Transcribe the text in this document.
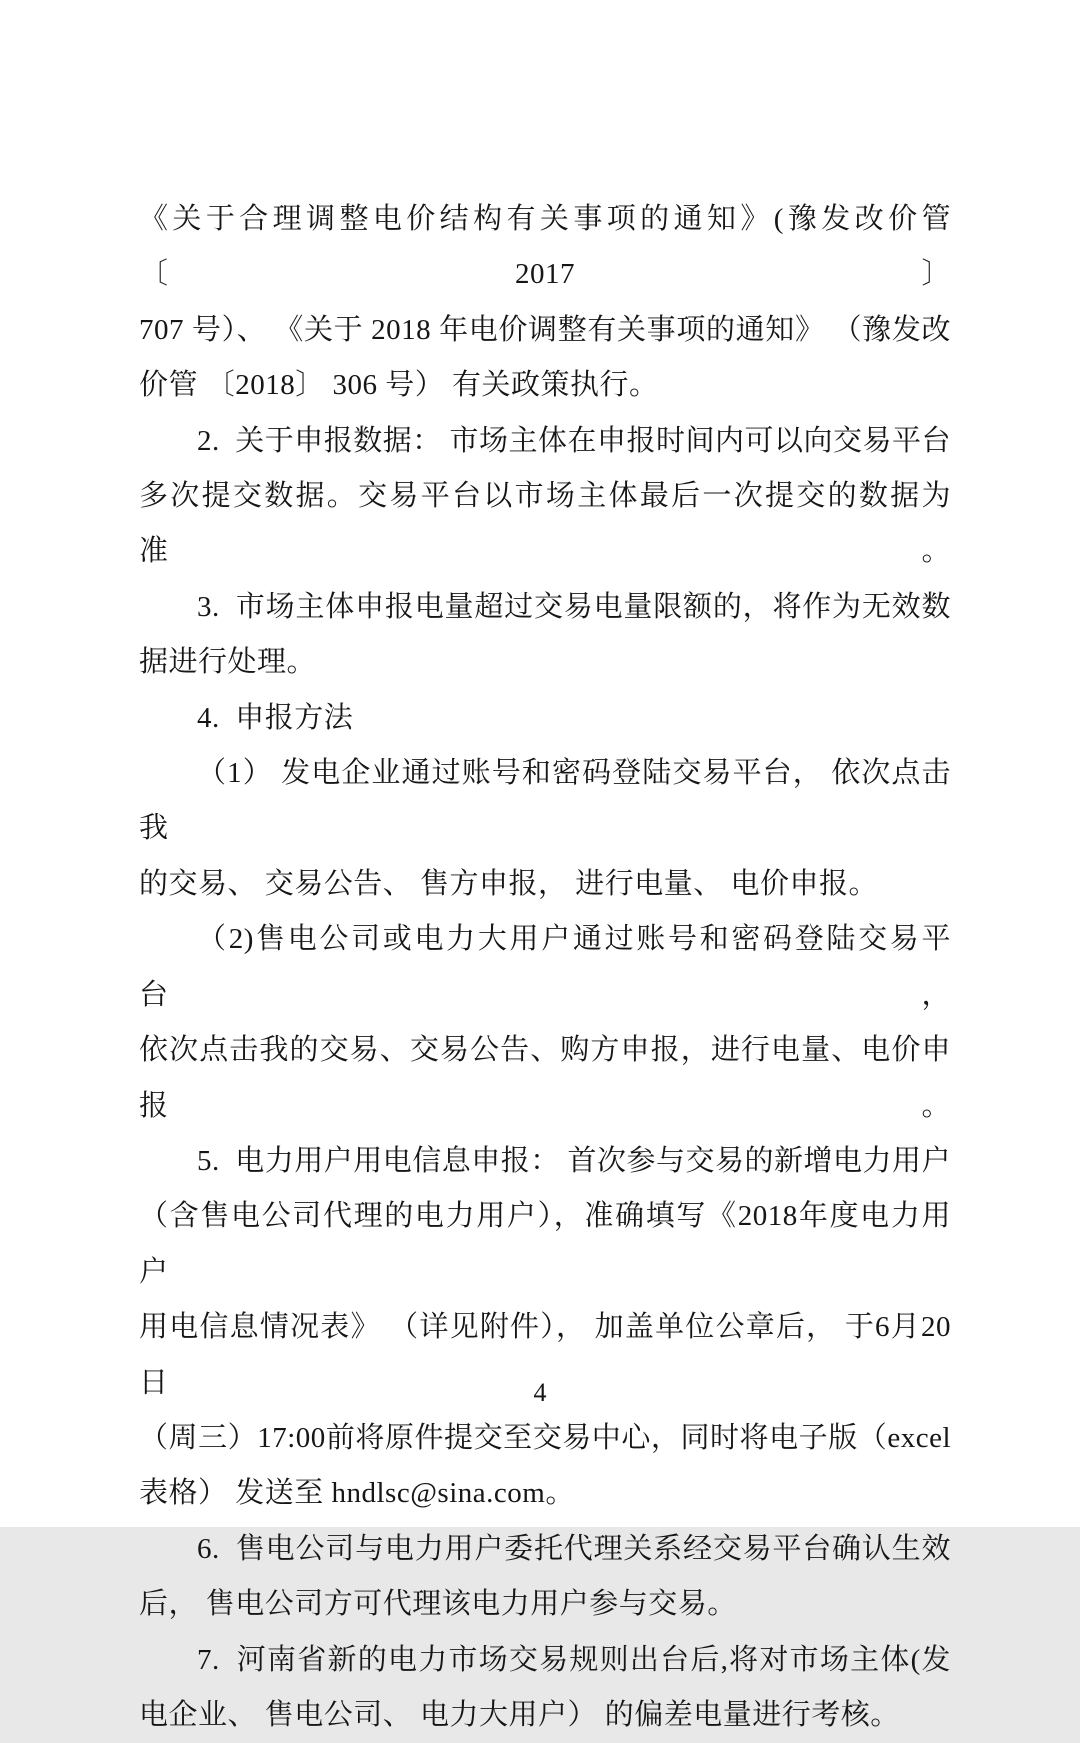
《关于合理调整电价结构有关事项的通知》(豫发改价管〔2017〕
707 号）、 《关于 2018 年电价调整有关事项的通知》 （豫发改
价管 〔2018〕 306 号） 有关政策执行。
2.  关于申报数据： 市场主体在申报时间内可以向交易平台
多次提交数据。交易平台以市场主体最后一次提交的数据为准。
3.  市场主体申报电量超过交易电量限额的，将作为无效数
据进行处理。
4.  申报方法
（1） 发电企业通过账号和密码登陆交易平台， 依次点击我
的交易、 交易公告、 售方申报， 进行电量、 电价申报。
（2)售电公司或电力大用户通过账号和密码登陆交易平台，
依次点击我的交易、交易公告、购方申报，进行电量、电价申报。
5.  电力用户用电信息申报： 首次参与交易的新增电力用户
（含售电公司代理的电力用户），准确填写《2018年度电力用户
用电信息情况表》 （详见附件）， 加盖单位公章后， 于6月20日
（周三）17:00前将原件提交至交易中心，同时将电子版（excel
表格） 发送至 hndlsc@sina.com。
6.  售电公司与电力用户委托代理关系经交易平台确认生效
后， 售电公司方可代理该电力用户参与交易。
7.  河南省新的电力市场交易规则出台后,将对市场主体(发
电企业、 售电公司、 电力大用户） 的偏差电量进行考核。
4
